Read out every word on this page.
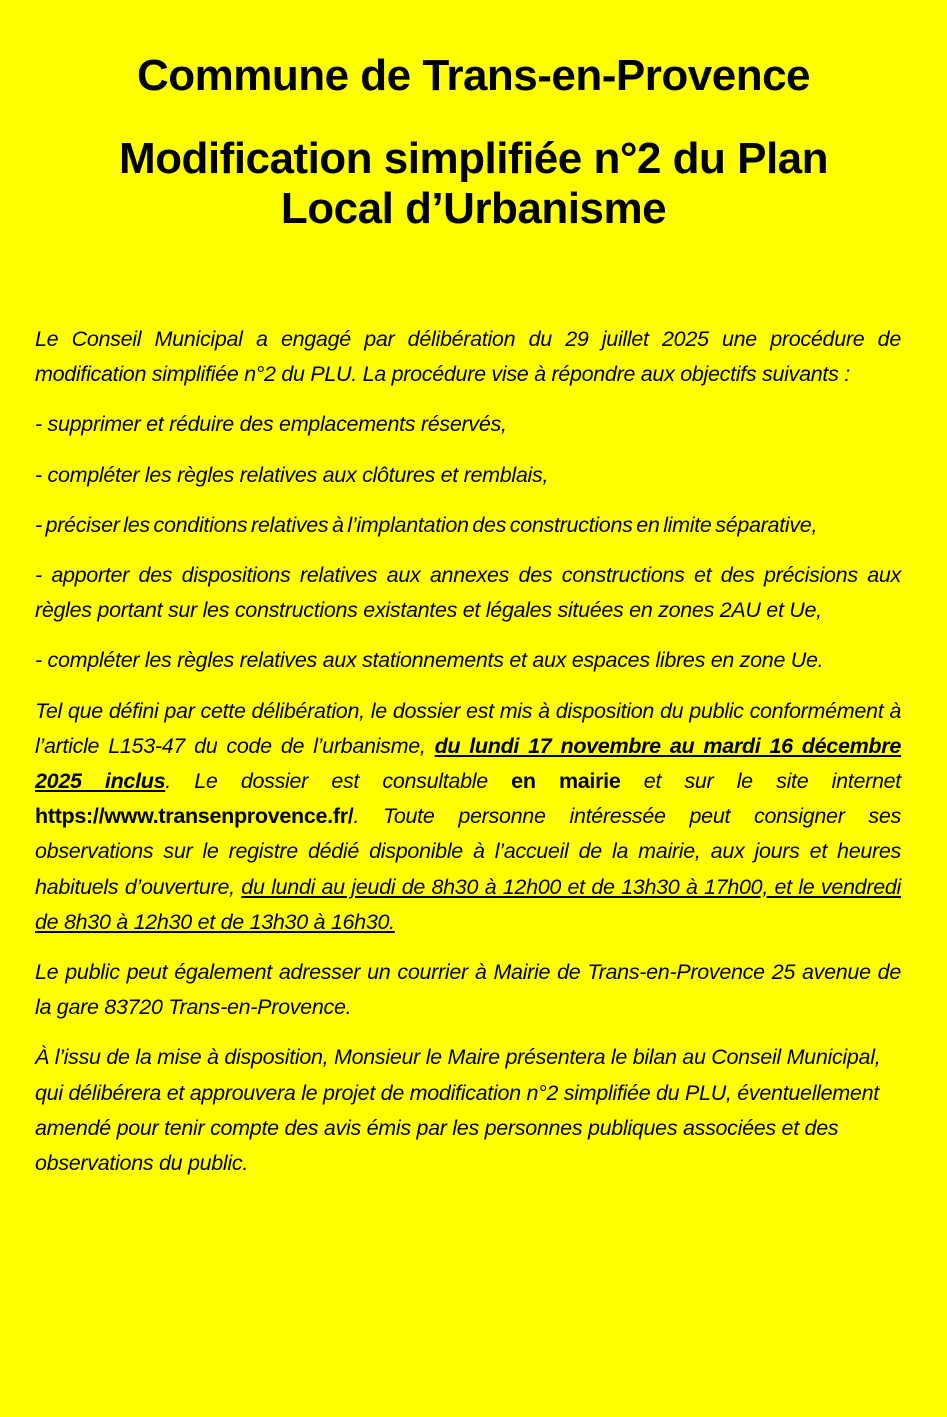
Commune de Trans-en-Provence
Modification simplifiée n°2 du Plan
Local d’Urbanisme

Le Conseil Municipal a engagé par délibération du 29 juillet 2025 une procédure de modification simplifiée n°2 du PLU. La procédure vise à répondre aux objectifs suivants :

- supprimer et réduire des emplacements réservés,

- compléter les règles relatives aux clôtures et remblais,

- préciser les conditions relatives à l’implantation des constructions en limite séparative,

- apporter des dispositions relatives aux annexes des constructions et des précisions aux règles portant sur les constructions existantes et légales situées en zones 2AU et Ue,

- compléter les règles relatives aux stationnements et aux espaces libres en zone Ue.

Tel que défini par cette délibération, le dossier est mis à disposition du public conformément à l’article L153-47 du code de l’urbanisme, du lundi 17 novembre au mardi 16 décembre 2025 inclus. Le dossier est consultable en mairie et sur le site internet https://www.transenprovence.fr/. Toute personne intéressée peut consigner ses observations sur le registre dédié disponible à l’accueil de la mairie, aux jours et heures habituels d’ouverture, du lundi au jeudi de 8h30 à 12h00 et de 13h30 à 17h00, et le vendredi de 8h30 à 12h30 et de 13h30 à 16h30.

Le public peut également adresser un courrier à Mairie de Trans-en-Provence 25 avenue de la gare 83720 Trans-en-Provence.

À l’issu de la mise à disposition, Monsieur le Maire présentera le bilan au Conseil Municipal, qui délibérera et approuvera le projet de modification n°2 simplifiée du PLU, éventuellement amendé pour tenir compte des avis émis par les personnes publiques associées et des observations du public.
